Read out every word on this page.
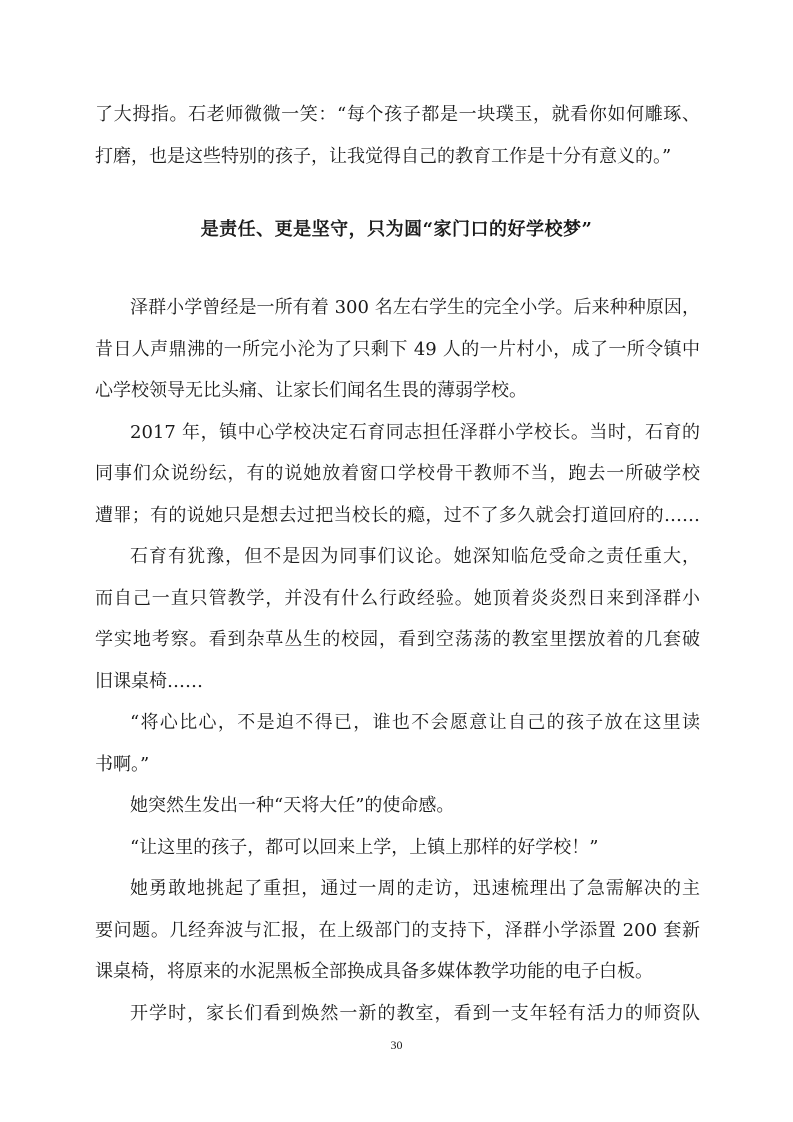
了大拇指。石老师微微一笑：“每个孩子都是一块璞玉，就看你如何雕琢、
打磨，也是这些特别的孩子，让我觉得自己的教育工作是十分有意义的。”
是责任、更是坚守，只为圆“家门口的好学校梦”
泽群小学曾经是一所有着 300 名左右学生的完全小学。后来种种原因，
昔日人声鼎沸的一所完小沦为了只剩下 49 人的一片村小，成了一所令镇中
心学校领导无比头痛、让家长们闻名生畏的薄弱学校。
2017 年，镇中心学校决定石育同志担任泽群小学校长。当时，石育的
同事们众说纷纭，有的说她放着窗口学校骨干教师不当，跑去一所破学校
遭罪；有的说她只是想去过把当校长的瘾，过不了多久就会打道回府的……
石育有犹豫，但不是因为同事们议论。她深知临危受命之责任重大，
而自己一直只管教学，并没有什么行政经验。她顶着炎炎烈日来到泽群小
学实地考察。看到杂草丛生的校园，看到空荡荡的教室里摆放着的几套破
旧课桌椅……
“将心比心，不是迫不得已，谁也不会愿意让自己的孩子放在这里读
书啊。”
她突然生发出一种“天将大任”的使命感。
“让这里的孩子，都可以回来上学，上镇上那样的好学校！”
她勇敢地挑起了重担，通过一周的走访，迅速梳理出了急需解决的主
要问题。几经奔波与汇报，在上级部门的支持下，泽群小学添置 200 套新
课桌椅，将原来的水泥黑板全部换成具备多媒体教学功能的电子白板。
开学时，家长们看到焕然一新的教室，看到一支年轻有活力的师资队
30
